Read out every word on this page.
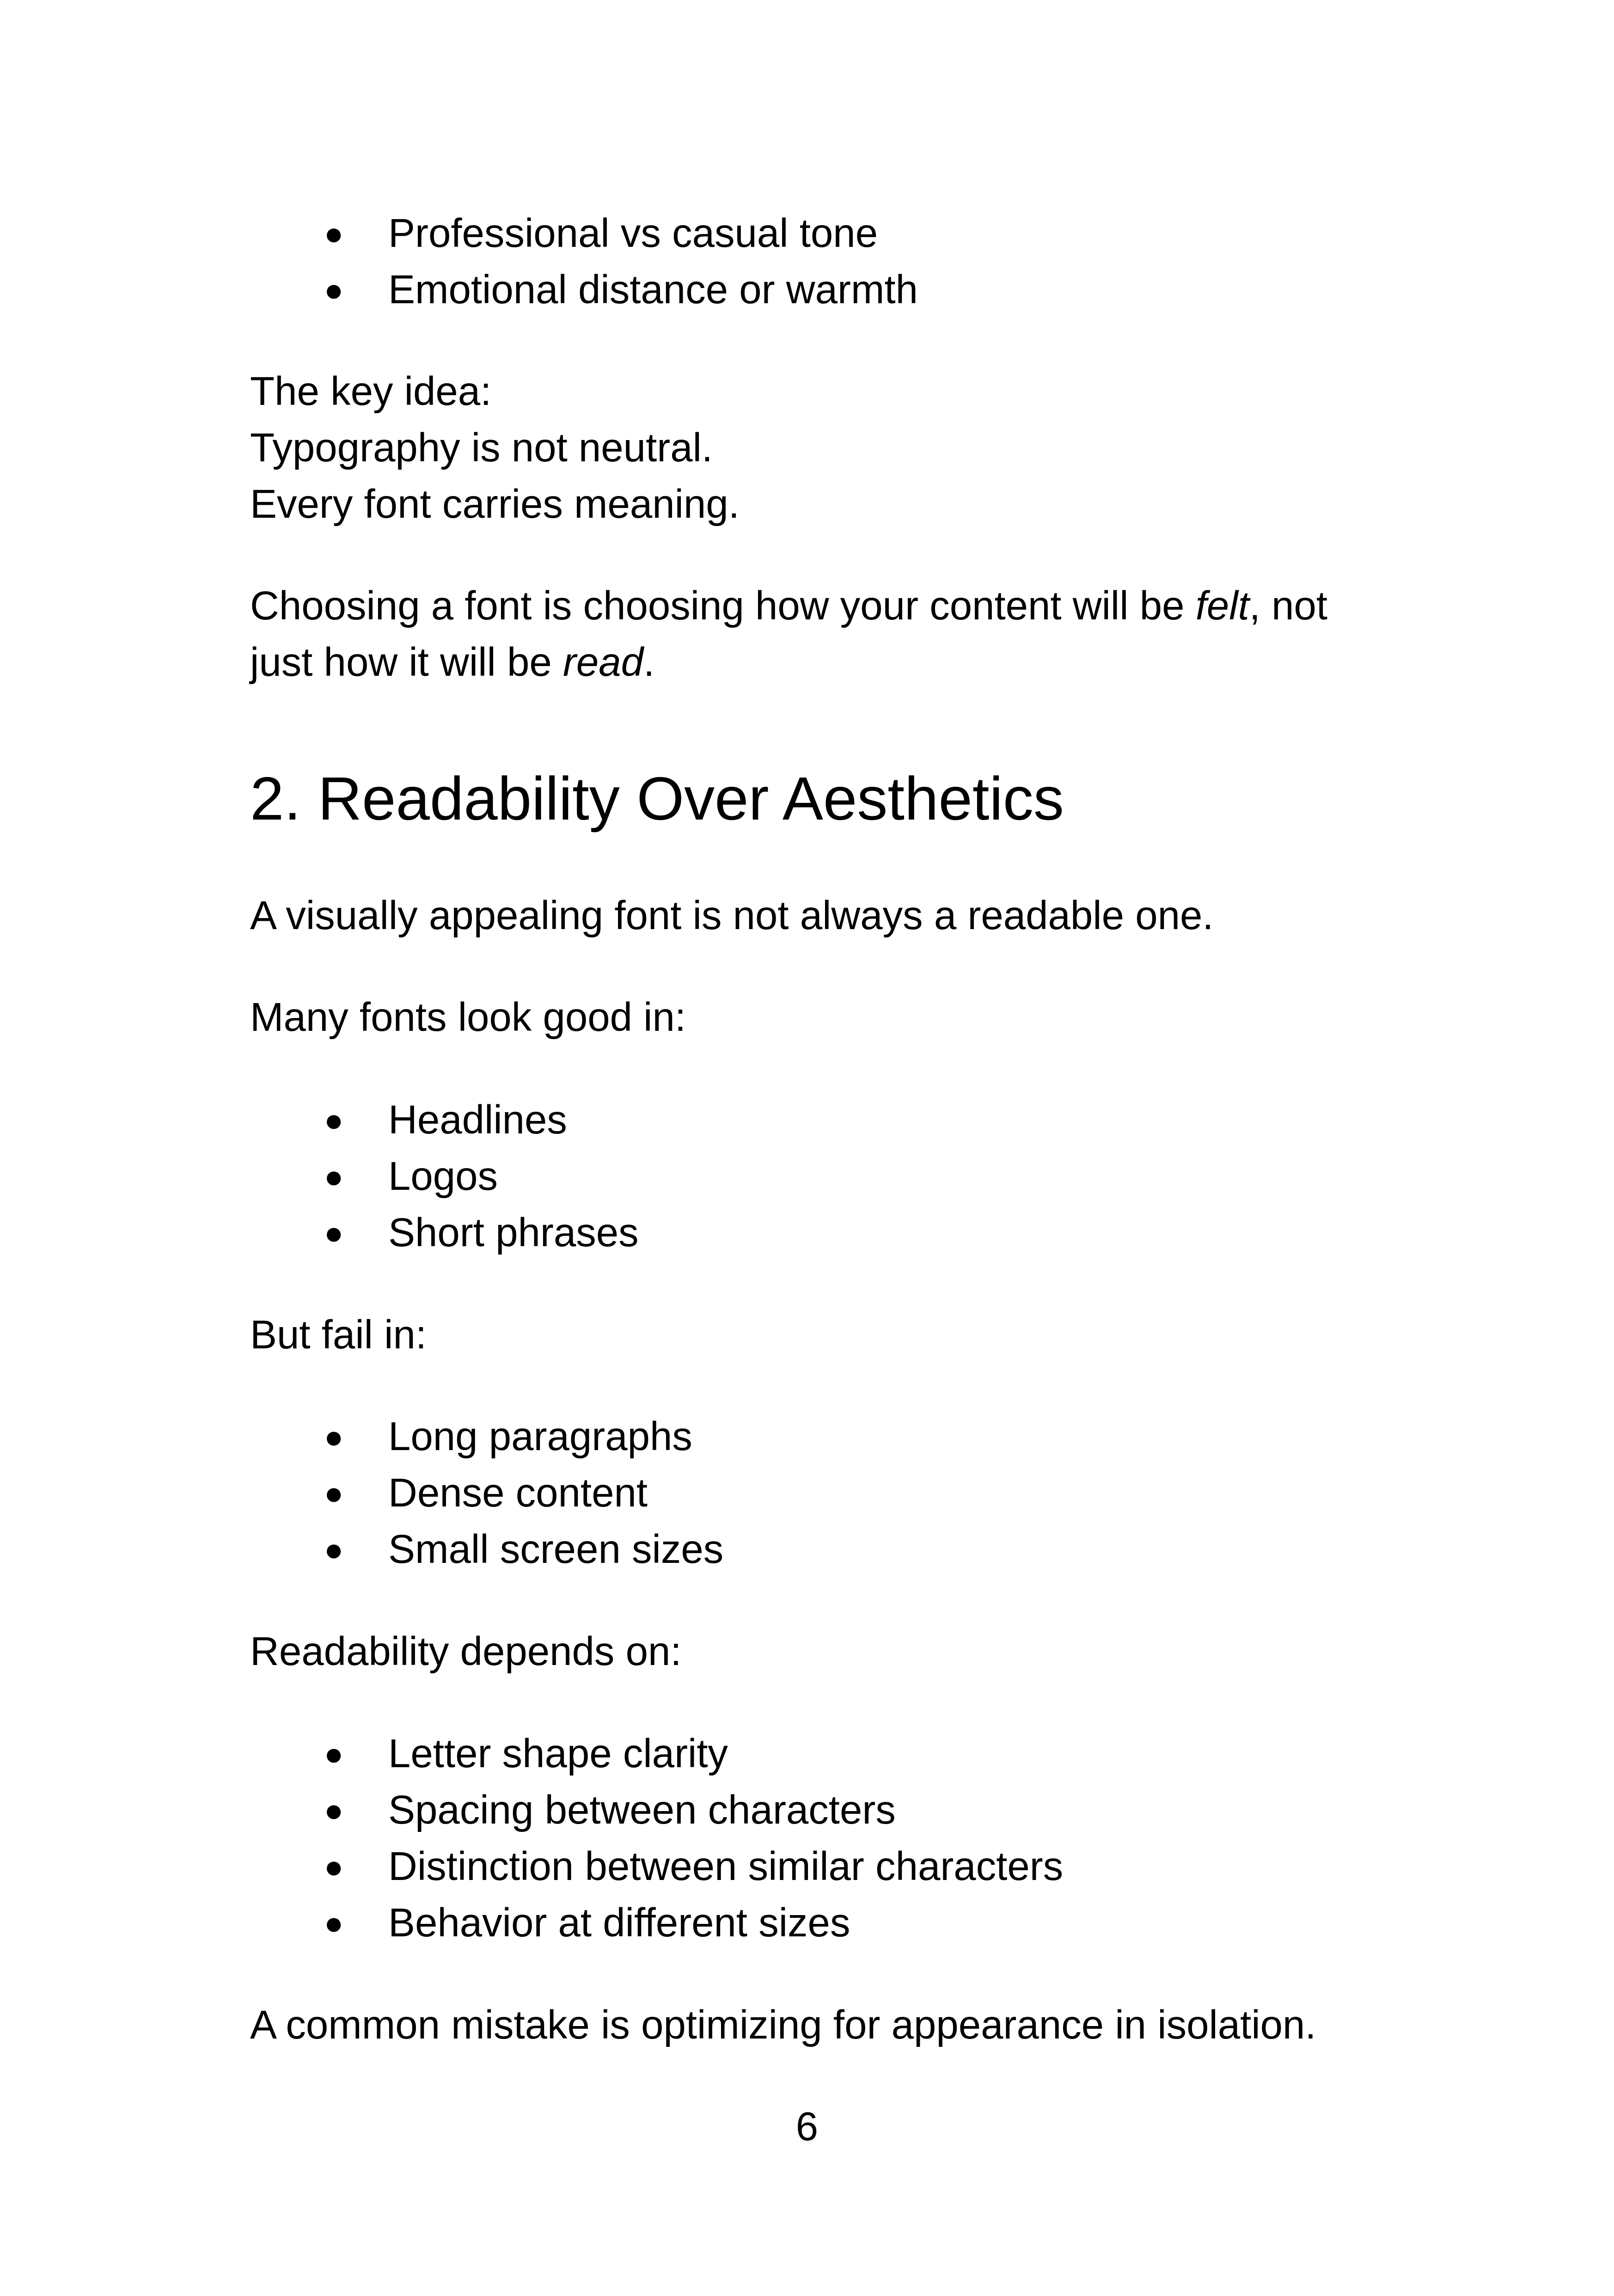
● Professional vs casual tone
● Emotional distance or warmth

The key idea:

Typography is not neutral.

Every font carries meaning.

Choosing a font is choosing how your content will be felt, not

just how it will be read.

2. Readability Over Aesthetics

A visually appealing font is not always a readable one.

Many fonts look good in:

● Headlines
● Logos
● Short phrases

But fail in:

● Long paragraphs
● Dense content
● Small screen sizes

Readability depends on:

● Letter shape clarity
● Spacing between characters
● Distinction between similar characters
● Behavior at different sizes

A common mistake is optimizing for appearance in isolation.

6
